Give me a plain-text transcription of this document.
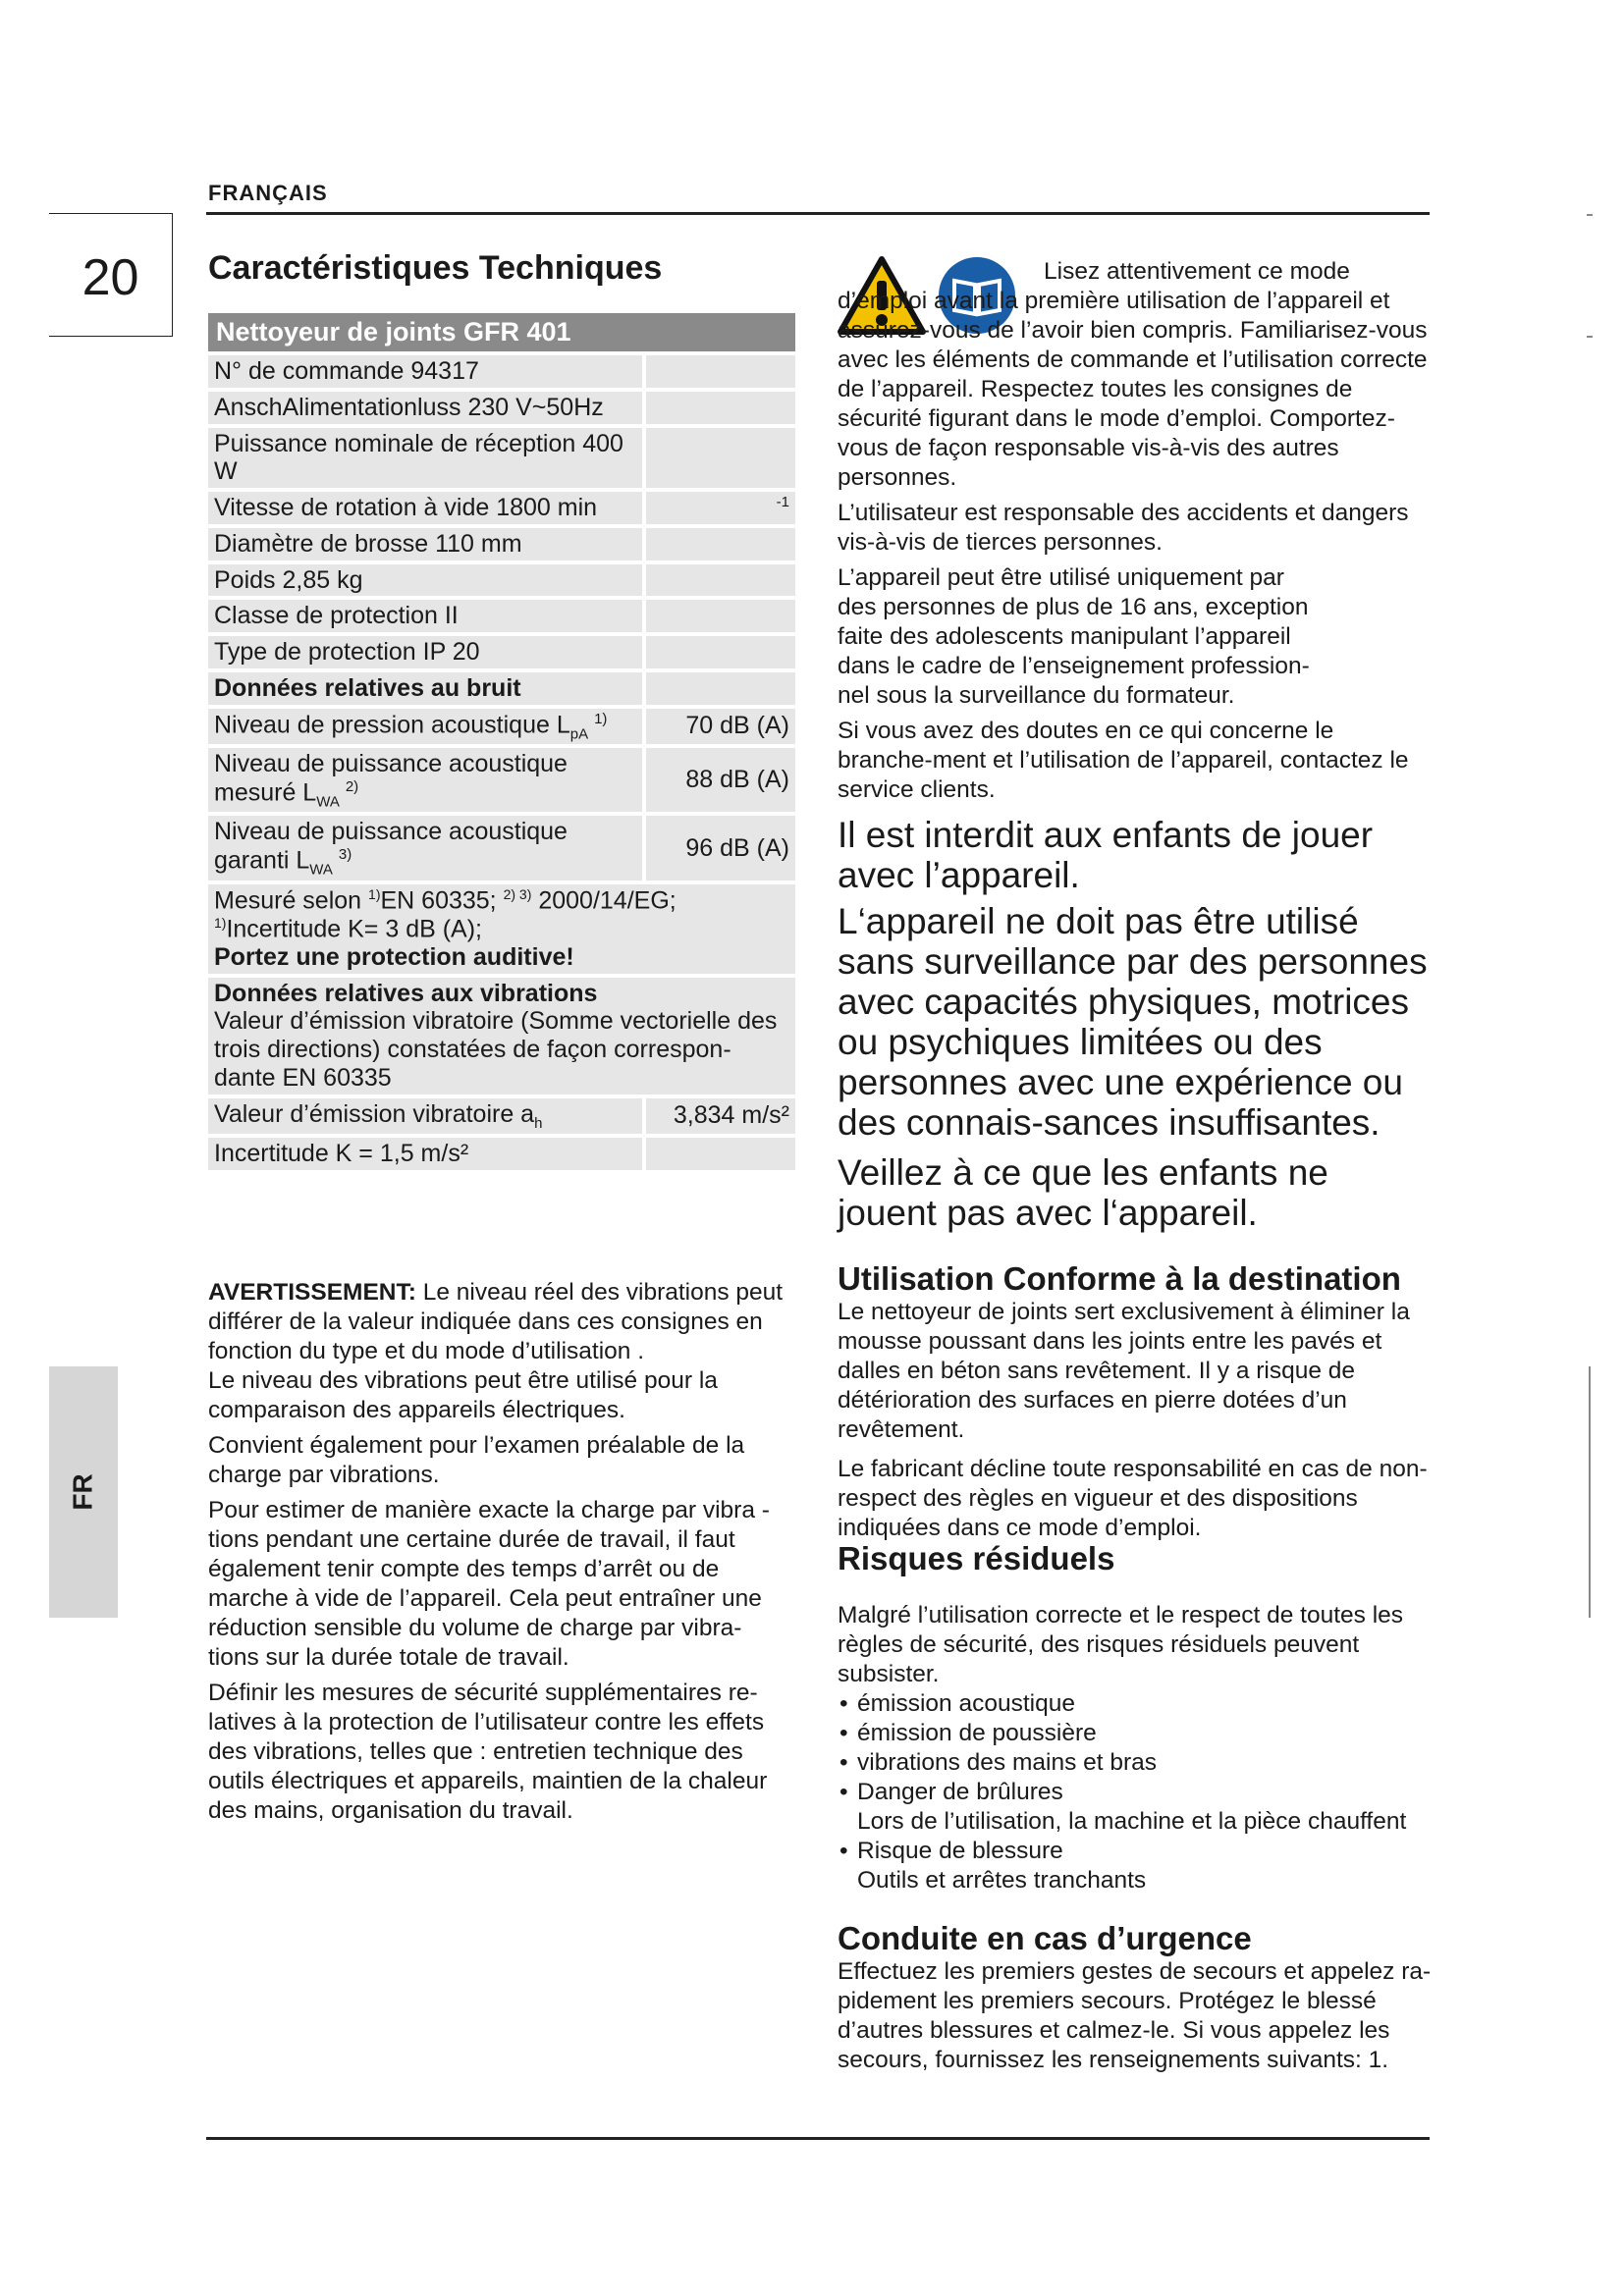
FRANÇAIS
20
FR
Caractéristiques Techniques
Nettoyeur de joints GFR 401	
N° de commande 94317	
AnschAlimentationluss 230 V~50Hz	
Puissance nominale de réception 400 W	
Vitesse de rotation à vide 1800 min	-1
Diamètre de brosse 110 mm	
Poids 2,85 kg	
Classe de protection II	
Type de protection IP 20	
Données relatives au bruit	
Niveau de pression acoustique $L_{pA}^{1)}$	70 dB (A)
Niveau de puissance acoustique mesuré $L_{WA}^{2)}$	88 dB (A)
Niveau de puissance acoustique garanti $L_{WA}^{3)}$	96 dB (A)
Mesuré selon $^{1)}$EN 60335; $^{2) 3)}$ 2000/14/EG;
$^{1)}$Incertitude K= 3 dB (A);
Portez une protection auditive!	
Données relatives aux vibrations
Valeur d’émission vibratoire (Somme vectorielle des trois directions) constatées de façon correspon-dante EN 60335	
Valeur d’émission vibratoire $a_h$	3,834 m/s²
Incertitude K = 1,5 m/s²	

AVERTISSEMENT: Le niveau réel des vibrations peut différer de la valeur indiquée dans ces consignes en fonction du type et du mode d’utilisation .
Le niveau des vibrations peut être utilisé pour la comparaison des appareils électriques.

Convient également pour l’examen préalable de la charge par vibrations.

Pour estimer de manière exacte la charge par vibra - tions pendant une certaine durée de travail, il faut également tenir compte des temps d’arrêt ou de marche à vide de l’appareil. Cela peut entraîner une réduction sensible du volume de charge par vibra-tions sur la durée totale de travail.

Définir les mesures de sécurité supplémentaires re-latives à la protection de l’utilisateur contre les effets des vibrations, telles que : entretien technique des outils électriques et appareils, maintien de la chaleur des mains, organisation du travail.

Lisez attentivement ce mode d’emploi avant la première utilisation de l’appareil et assurez-vous de l’avoir bien compris. Familiarisez-vous avec les éléments de commande et l’utilisation correcte de l’appareil. Respectez toutes les consignes de sécurité figurant dans le mode d’emploi. Comportez-vous de façon responsable vis-à-vis des autres personnes.

L’utilisateur est responsable des accidents et dangers vis-à-vis de tierces personnes.

L’appareil peut être utilisé uniquement par des personnes de plus de 16 ans, exception faite des adolescents manipulant l’appareil dans le cadre de l’enseignement profession-nel sous la surveillance du formateur.

Si vous avez des doutes en ce qui concerne le branche-ment et l’utilisation de l’appareil, contactez le service clients.

Il est interdit aux enfants de jouer avec l’appareil.

L‘appareil ne doit pas être utilisé sans surveillance par des personnes avec capacités physiques, motrices ou psychiques limitées ou des personnes avec une expérience ou des connais-sances insuffisantes.

Veillez à ce que les enfants ne jouent pas avec l‘appareil.

Utilisation Conforme à la destination

Le nettoyeur de joints sert exclusivement à éliminer la mousse poussant dans les joints entre les pavés et dalles en béton sans revêtement. Il y a risque de détérioration des surfaces en pierre dotées d’un revêtement.

Le fabricant décline toute responsabilité en cas de non-respect des règles en vigueur et des dispositions indiquées dans ce mode d’emploi.

Risques résiduels

Malgré l’utilisation correcte et le respect de toutes les règles de sécurité, des risques résiduels peuvent subsister.

• émission acoustique
• émission de poussière
• vibrations des mains et bras
• Danger de brûlures
Lors de l’utilisation, la machine et la pièce chauffent
• Risque de blessure
Outils et arrêtes tranchants

Conduite en cas d’urgence

Effectuez les premiers gestes de secours et appelez ra-pidement les premiers secours. Protégez le blessé d’autres blessures et calmez-le. Si vous appelez les secours, fournissez les renseignements suivants: 1.
